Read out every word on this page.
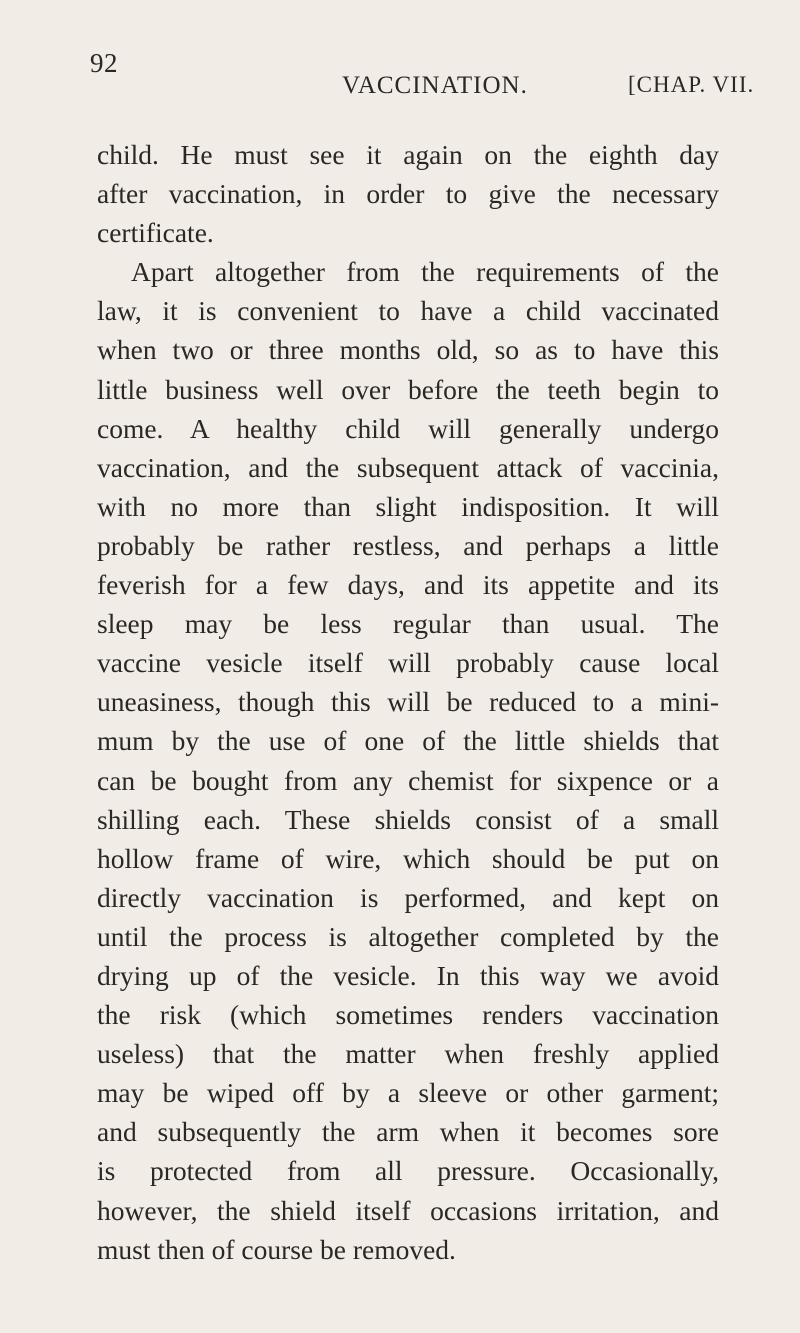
92
VACCINATION.	[CHAP. VII.
child. He must see it again on the eighth day
after vaccination, in order to give the necessary
certificate.
Apart altogether from the requirements of the
law, it is convenient to have a child vaccinated
when two or three months old, so as to have this
little business well over before the teeth begin to
come. A healthy child will generally undergo
vaccination, and the subsequent attack of vaccinia,
with no more than slight indisposition. It will
probably be rather restless, and perhaps a little
feverish for a few days, and its appetite and its
sleep may be less regular than usual. The
vaccine vesicle itself will probably cause local
uneasiness, though this will be reduced to a mini-
mum by the use of one of the little shields that
can be bought from any chemist for sixpence or a
shilling each. These shields consist of a small
hollow frame of wire, which should be put on
directly vaccination is performed, and kept on
until the process is altogether completed by the
drying up of the vesicle. In this way we avoid
the risk (which sometimes renders vaccination
useless) that the matter when freshly applied
may be wiped off by a sleeve or other garment;
and subsequently the arm when it becomes sore
is protected from all pressure. Occasionally,
however, the shield itself occasions irritation, and
must then of course be removed.
